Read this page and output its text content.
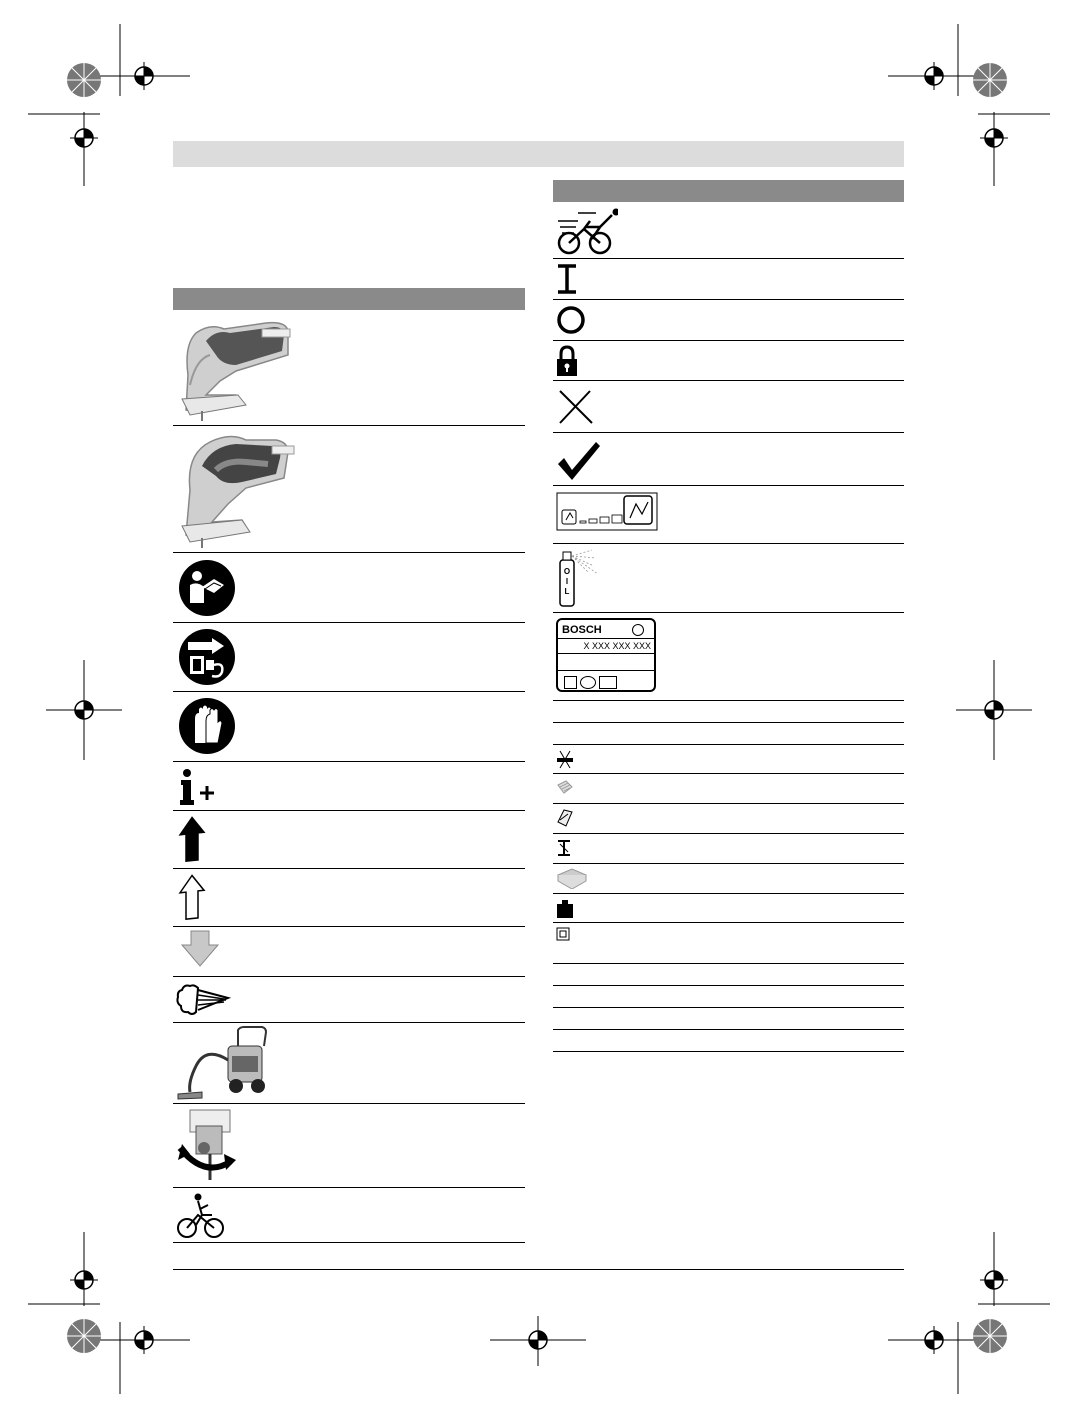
O
I
L
BOSCH
X XXX XXX XXX
